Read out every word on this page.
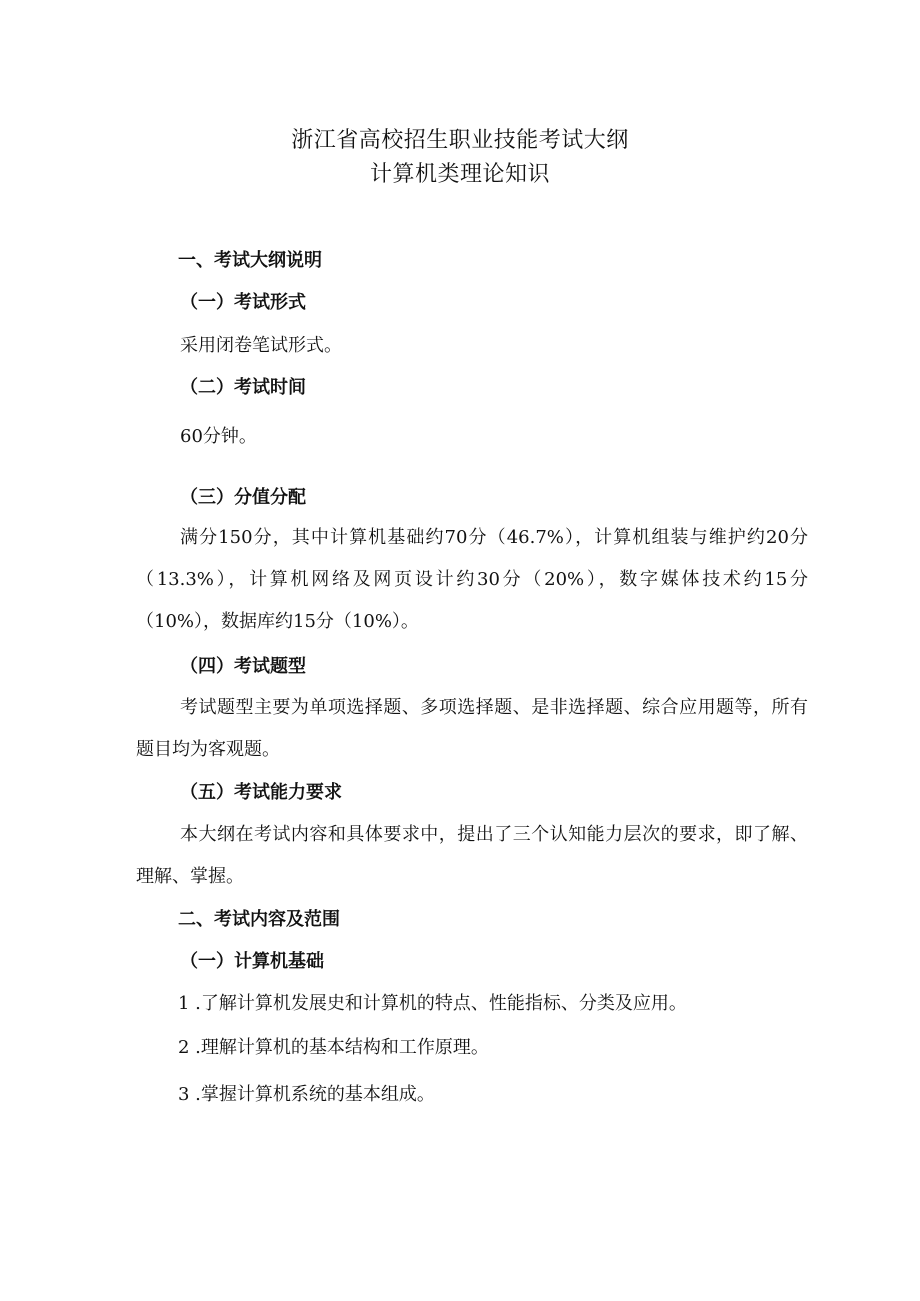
浙江省高校招生职业技能考试大纲
计算机类理论知识
一、考试大纲说明
（一）考试形式
采用闭卷笔试形式。
（二）考试时间
60分钟。
（三）分值分配
满分150分，其中计算机基础约70分（46.7%），计算机组装与维护约20分（13.3%），计算机网络及网页设计约30分（20%），数字媒体技术约15分（10%），数据库约15分（10%）。
（四）考试题型
考试题型主要为单项选择题、多项选择题、是非选择题、综合应用题等，所有题目均为客观题。
（五）考试能力要求
本大纲在考试内容和具体要求中，提出了三个认知能力层次的要求，即了解、理解、掌握。
二、考试内容及范围
（一）计算机基础
1 .了解计算机发展史和计算机的特点、性能指标、分类及应用。
2 .理解计算机的基本结构和工作原理。
3 .掌握计算机系统的基本组成。
